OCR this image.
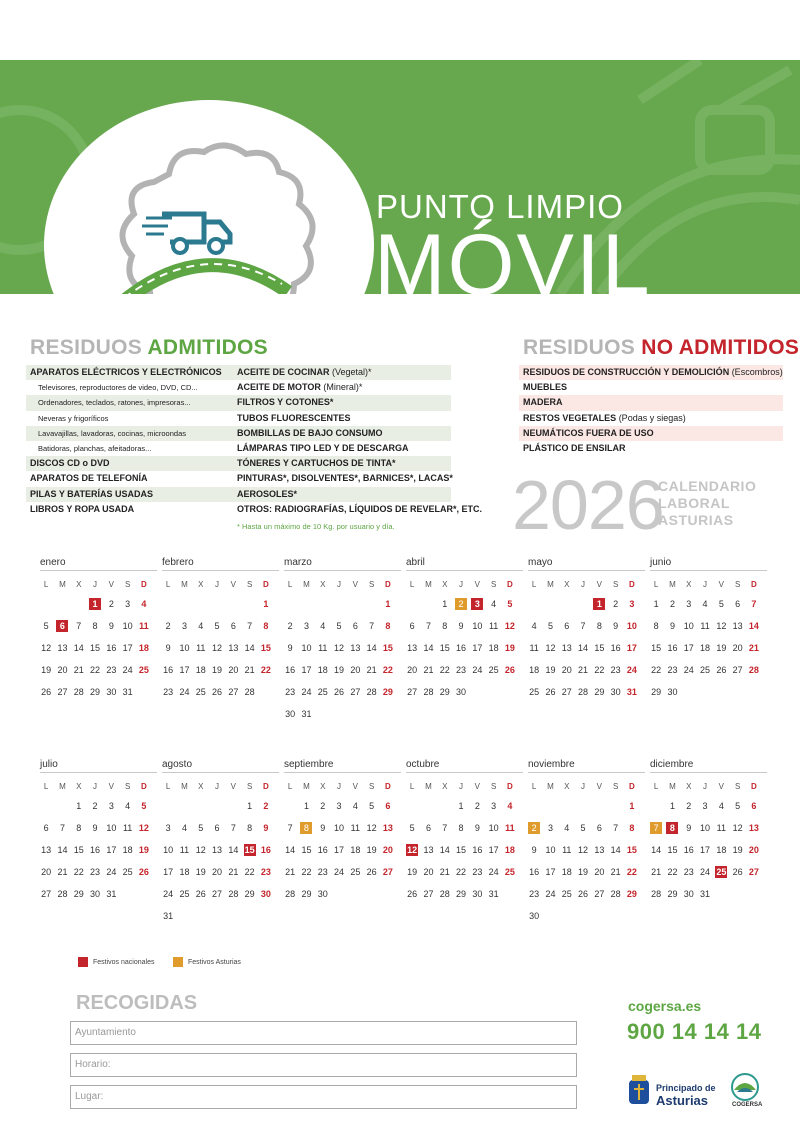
PUNTO LIMPIO
MÓVIL
RESIDUOS ADMITIDOS
APARATOS ELÉCTRICOS Y ELECTRÓNICOS
Televisores, reproductores de video, DVD, CD...
Ordenadores, teclados, ratones, impresoras...
Neveras y frigoríficos
Lavavajillas, lavadoras, cocinas, microondas
Batidoras, planchas, afeitadoras...
DISCOS CD o DVD
APARATOS DE TELEFONÍA
PILAS Y BATERÍAS USADAS
LIBROS Y ROPA USADA
ACEITE DE COCINAR (Vegetal)*
ACEITE DE MOTOR (Mineral)*
FILTROS Y COTONES*
TUBOS FLUORESCENTES
BOMBILLAS DE BAJO CONSUMO
LÁMPARAS TIPO LED Y DE DESCARGA
TÓNERES Y CARTUCHOS DE TINTA*
PINTURAS*, DISOLVENTES*, BARNICES*, LACAS*
AEROSOLES*
OTROS: RADIOGRAFÍAS, LÍQUIDOS DE REVELAR*, ETC.
* Hasta un máximo de 10 Kg. por usuario y día.
RESIDUOS NO ADMITIDOS
RESIDUOS DE CONSTRUCCIÓN Y DEMOLICIÓN (Escombros)
MUEBLES
MADERA
RESTOS VEGETALES (Podas y siegas)
NEUMÁTICOS FUERA DE USO
PLÁSTICO DE ENSILAR
2026
CALENDARIO
LABORAL
ASTURIAS
enero
L	M	X	J	V	S	D
			1	2	3	4
5	6	7	8	9	10	11
12	13	14	15	16	17	18
19	20	21	22	23	24	25
26	27	28	29	30	31	
febrero
L	M	X	J	V	S	D
						1
2	3	4	5	6	7	8
9	10	11	12	13	14	15
16	17	18	19	20	21	22
23	24	25	26	27	28	
marzo
L	M	X	J	V	S	D
						1
2	3	4	5	6	7	8
9	10	11	12	13	14	15
16	17	18	19	20	21	22
23	24	25	26	27	28	29
30	31					
abril
L	M	X	J	V	S	D
		1	2	3	4	5
6	7	8	9	10	11	12
13	14	15	16	17	18	19
20	21	22	23	24	25	26
27	28	29	30			
mayo
L	M	X	J	V	S	D
				1	2	3
4	5	6	7	8	9	10
11	12	13	14	15	16	17
18	19	20	21	22	23	24
25	26	27	28	29	30	31
junio
L	M	X	J	V	S	D
1	2	3	4	5	6	7
8	9	10	11	12	13	14
15	16	17	18	19	20	21
22	23	24	25	26	27	28
29	30					
julio
L	M	X	J	V	S	D
		1	2	3	4	5
6	7	8	9	10	11	12
13	14	15	16	17	18	19
20	21	22	23	24	25	26
27	28	29	30	31		
agosto
L	M	X	J	V	S	D
					1	2
3	4	5	6	7	8	9
10	11	12	13	14	15	16
17	18	19	20	21	22	23
24	25	26	27	28	29	30
31						
septiembre
L	M	X	J	V	S	D
	1	2	3	4	5	6
7	8	9	10	11	12	13
14	15	16	17	18	19	20
21	22	23	24	25	26	27
28	29	30				
octubre
L	M	X	J	V	S	D
			1	2	3	4
5	6	7	8	9	10	11
12	13	14	15	16	17	18
19	20	21	22	23	24	25
26	27	28	29	30	31	
noviembre
L	M	X	J	V	S	D
						1
2	3	4	5	6	7	8
9	10	11	12	13	14	15
16	17	18	19	20	21	22
23	24	25	26	27	28	29
30						
diciembre
L	M	X	J	V	S	D
	1	2	3	4	5	6
7	8	9	10	11	12	13
14	15	16	17	18	19	20
21	22	23	24	25	26	27
28	29	30	31			
Festivos nacionales	Festivos Asturias
RECOGIDAS
Ayuntamiento
Horario:
Lugar:
cogersa.es
900 14 14 14
Principado de
Asturias	COGERSA
